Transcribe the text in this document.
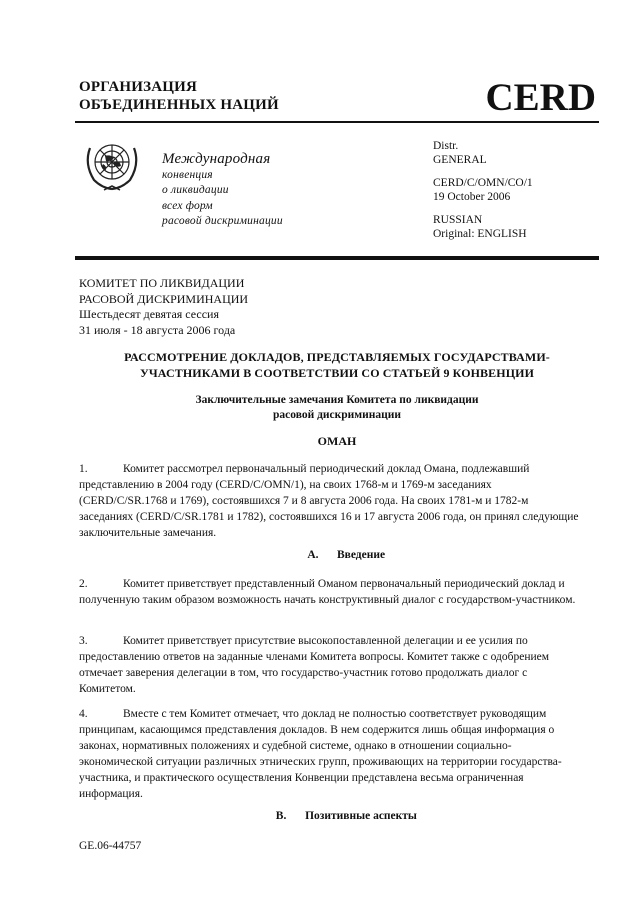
ОРГАНИЗАЦИЯ
ОБЪЕДИНЕННЫХ НАЦИЙ	CERD
Международная
конвенция
о ликвидации
всех форм
расовой дискриминации
Distr.
GENERAL
CERD/C/OMN/CO/1
19 October 2006
RUSSIAN
Original: ENGLISH
КОМИТЕТ ПО ЛИКВИДАЦИИ
РАСОВОЙ ДИСКРИМИНАЦИИ
Шестьдесят девятая сессия
31 июля - 18 августа 2006 года
РАССМОТРЕНИЕ ДОКЛАДОВ, ПРЕДСТАВЛЯЕМЫХ ГОСУДАРСТВАМИ-
УЧАСТНИКАМИ В СООТВЕТСТВИИ СО СТАТЬЕЙ 9 КОНВЕНЦИИ
Заключительные замечания Комитета по ликвидации
расовой дискриминации
ОМАН
1.	Комитет рассмотрел первоначальный периодический доклад Омана, подлежавший представлению в 2004 году (CERD/C/OMN/1), на своих 1768-м и 1769-м заседаниях (CERD/C/SR.1768 и 1769), состоявшихся 7 и 8 августа 2006 года. На своих 1781-м и 1782-м заседаниях (CERD/C/SR.1781 и 1782), состоявшихся 16 и 17 августа 2006 года, он принял следующие заключительные замечания.
A. Введение
2.	Комитет приветствует представленный Оманом первоначальный периодический доклад и полученную таким образом возможность начать конструктивный диалог с государством-участником.
3.	Комитет приветствует присутствие высокопоставленной делегации и ее усилия по предоставлению ответов на заданные членами Комитета вопросы. Комитет также с одобрением отмечает заверения делегации в том, что государство-участник готово продолжать диалог с Комитетом.
4.	Вместе с тем Комитет отмечает, что доклад не полностью соответствует руководящим принципам, касающимся представления докладов. В нем содержится лишь общая информация о законах, нормативных положениях и судебной системе, однако в отношении социально-экономической ситуации различных этнических групп, проживающих на территории государства-участника, и практического осуществления Конвенции представлена весьма ограниченная информация.
B. Позитивные аспекты
GE.06-44757
